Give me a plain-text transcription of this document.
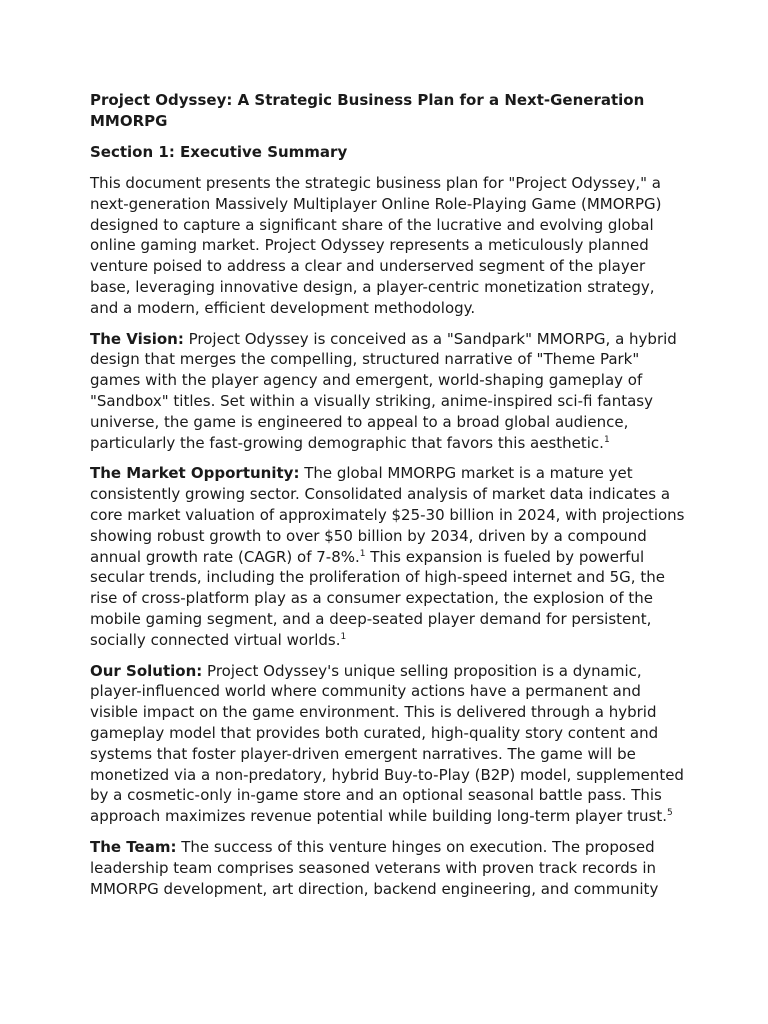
Project Odyssey: A Strategic Business Plan for a Next-Generation MMORPG
Section 1: Executive Summary

This document presents the strategic business plan for "Project Odyssey," a next-generation Massively Multiplayer Online Role-Playing Game (MMORPG) designed to capture a significant share of the lucrative and evolving global online gaming market. Project Odyssey represents a meticulously planned venture poised to address a clear and underserved segment of the player base, leveraging innovative design, a player-centric monetization strategy, and a modern, efficient development methodology.

The Vision: Project Odyssey is conceived as a "Sandpark" MMORPG, a hybrid design that merges the compelling, structured narrative of "Theme Park" games with the player agency and emergent, world-shaping gameplay of "Sandbox" titles. Set within a visually striking, anime-inspired sci-fi fantasy universe, the game is engineered to appeal to a broad global audience, particularly the fast-growing demographic that favors this aesthetic.$^1$

The Market Opportunity: The global MMORPG market is a mature yet consistently growing sector. Consolidated analysis of market data indicates a core market valuation of approximately $25-30 billion in 2024, with projections showing robust growth to over $50 billion by 2034, driven by a compound annual growth rate (CAGR) of 7-8%.$^1$ This expansion is fueled by powerful secular trends, including the proliferation of high-speed internet and 5G, the rise of cross-platform play as a consumer expectation, the explosion of the mobile gaming segment, and a deep-seated player demand for persistent, socially connected virtual worlds.$^1$

Our Solution: Project Odyssey's unique selling proposition is a dynamic, player-influenced world where community actions have a permanent and visible impact on the game environment. This is delivered through a hybrid gameplay model that provides both curated, high-quality story content and systems that foster player-driven emergent narratives. The game will be monetized via a non-predatory, hybrid Buy-to-Play (B2P) model, supplemented by a cosmetic-only in-game store and an optional seasonal battle pass. This approach maximizes revenue potential while building long-term player trust.$^5$

The Team: The success of this venture hinges on execution. The proposed leadership team comprises seasoned veterans with proven track records in MMORPG development, art direction, backend engineering, and community
